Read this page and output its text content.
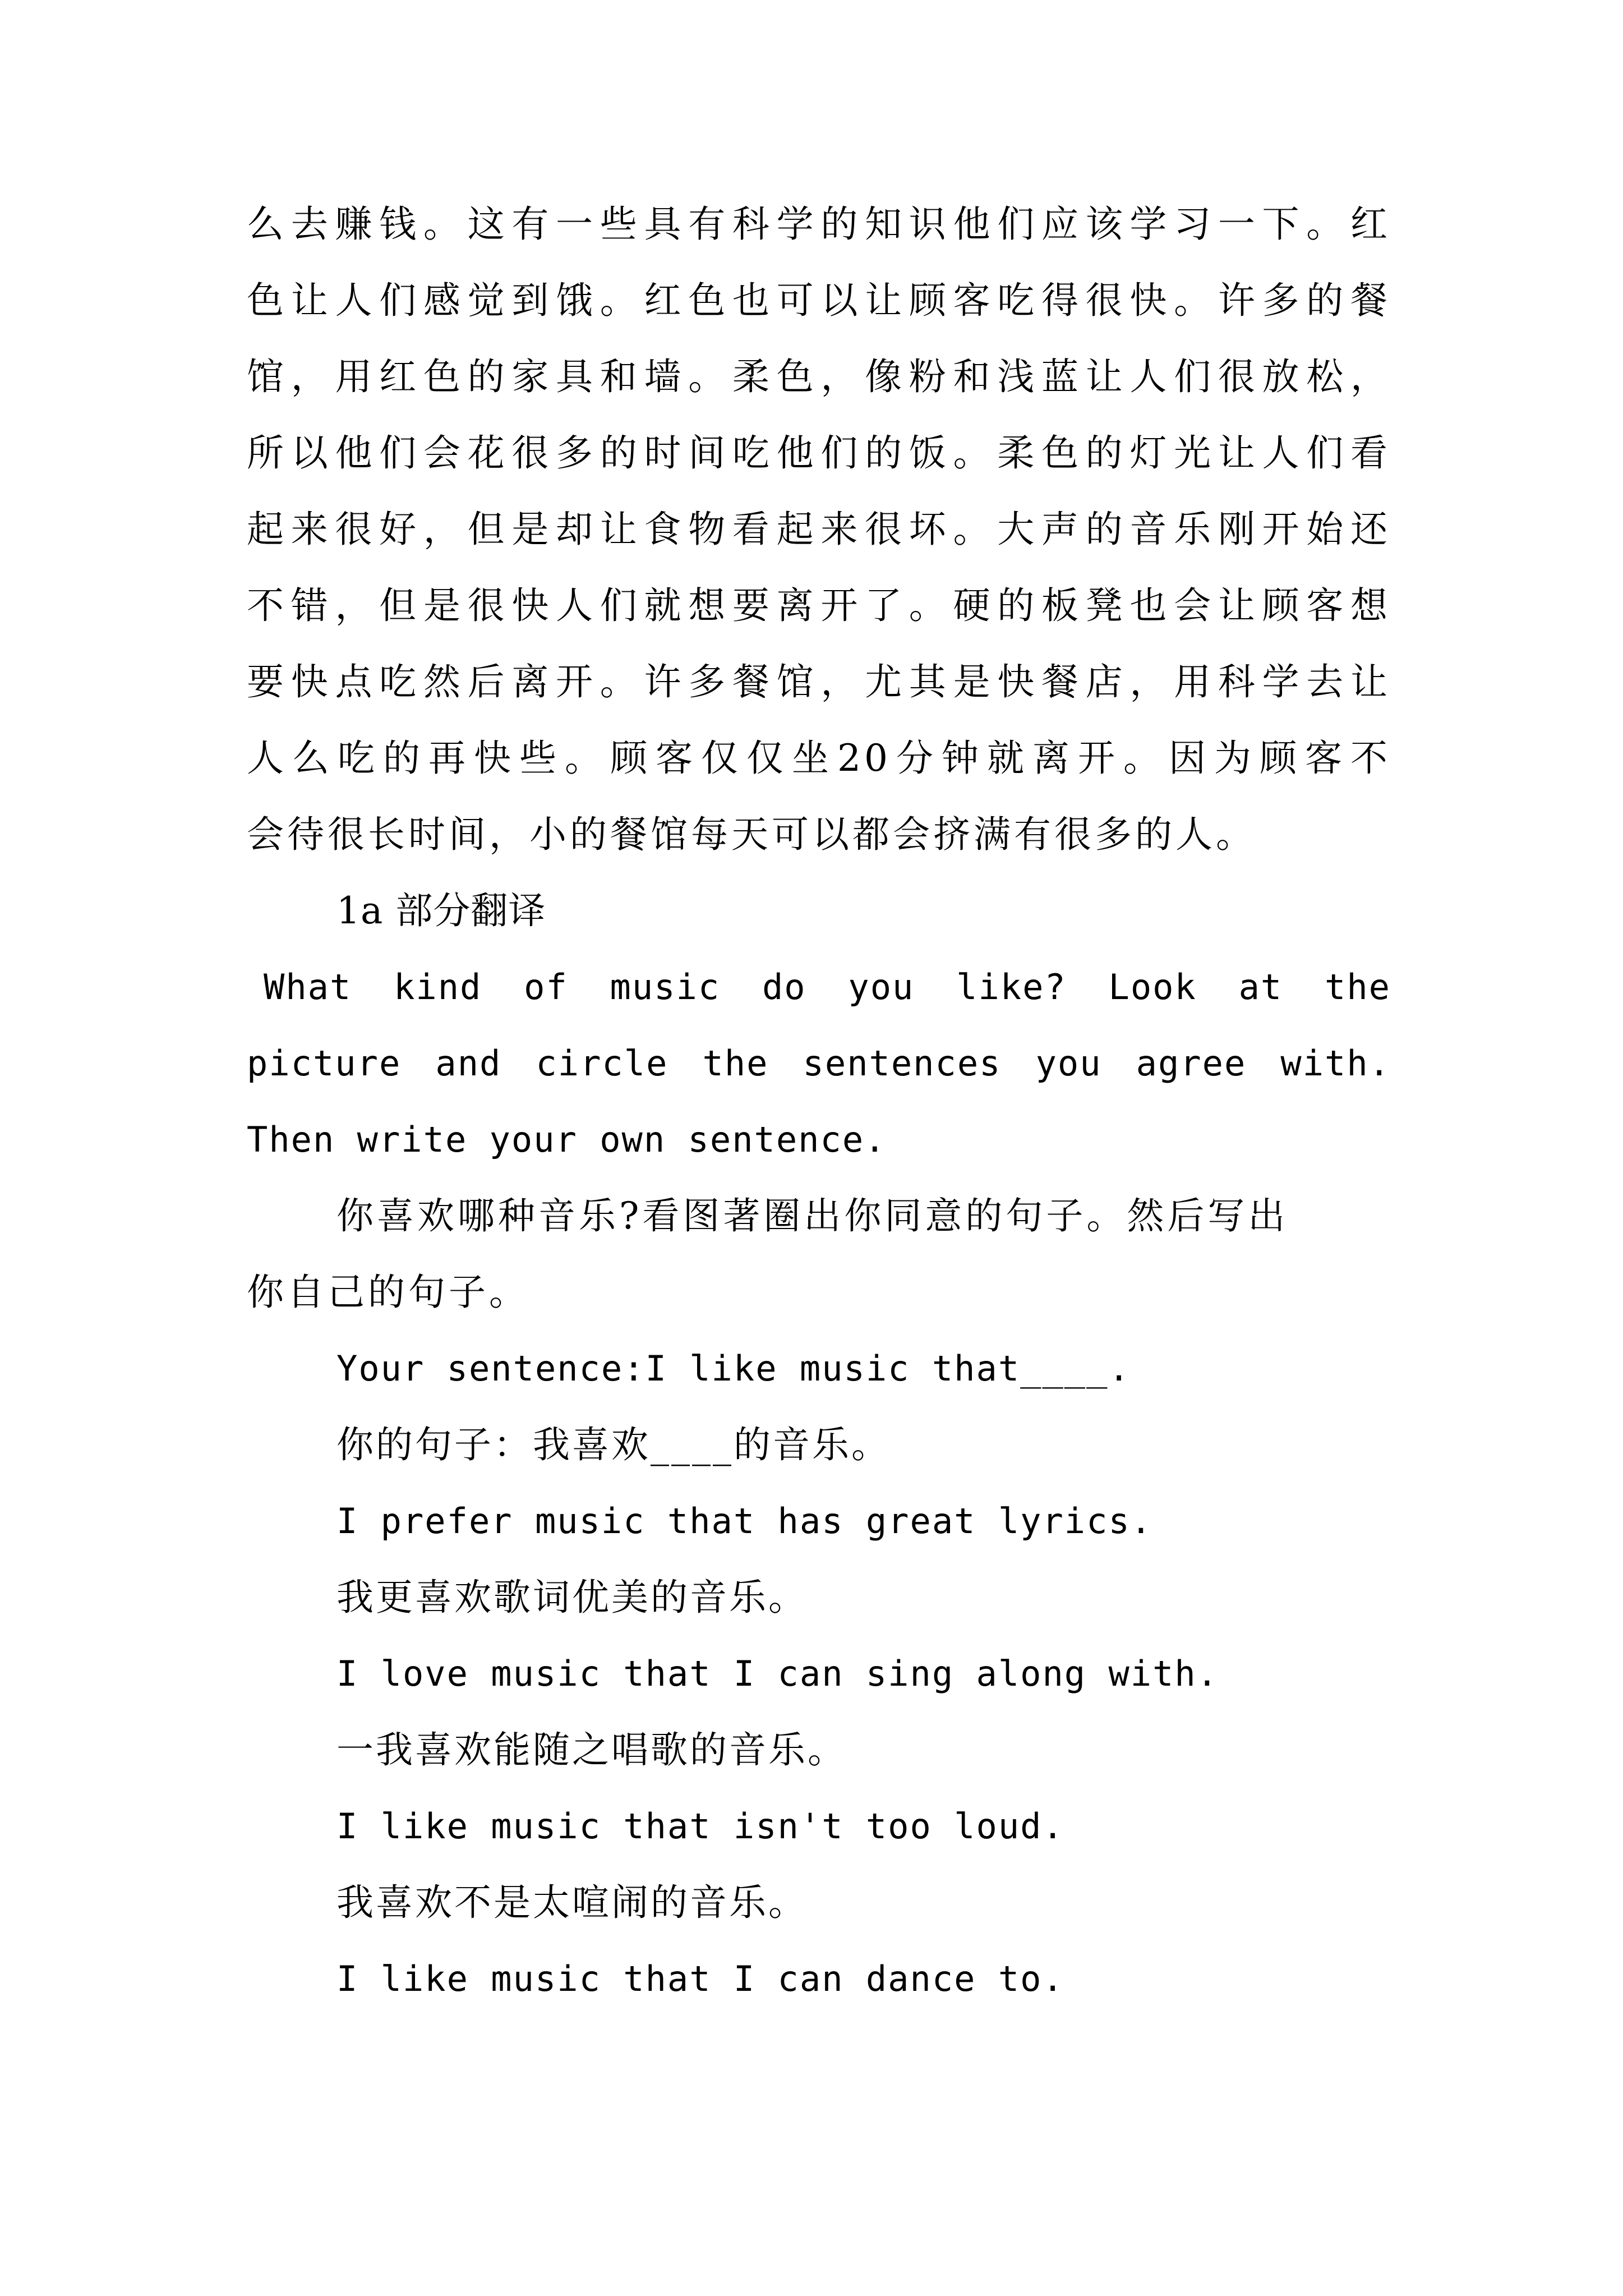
么去赚钱。这有一些具有科学的知识他们应该学习一下。红
色让人们感觉到饿。红色也可以让顾客吃得很快。许多的餐
馆，用红色的家具和墙。柔色，像粉和浅蓝让人们很放松，
所以他们会花很多的时间吃他们的饭。柔色的灯光让人们看
起来很好，但是却让食物看起来很坏。大声的音乐刚开始还
不错，但是很快人们就想要离开了。硬的板凳也会让顾客想
要快点吃然后离开。许多餐馆，尤其是快餐店，用科学去让
人么吃的再快些。顾客仅仅坐20分钟就离开。因为顾客不
会待很长时间，小的餐馆每天可以都会挤满有很多的人。
1a 部分翻译
What kind of music do you like? Look at the
picture and circle the sentences you agree with.
Then write your own sentence.
你喜欢哪种音乐?看图著圈出你同意的句子。然后写出
你自己的句子。
Your sentence:I like music that____.
你的句子：我喜欢____的音乐。
I prefer music that has great lyrics.
我更喜欢歌词优美的音乐。
I love music that I can sing along with.
一我喜欢能随之唱歌的音乐。
I like music that isn't too loud.
我喜欢不是太喧闹的音乐。
I like music that I can dance to.
